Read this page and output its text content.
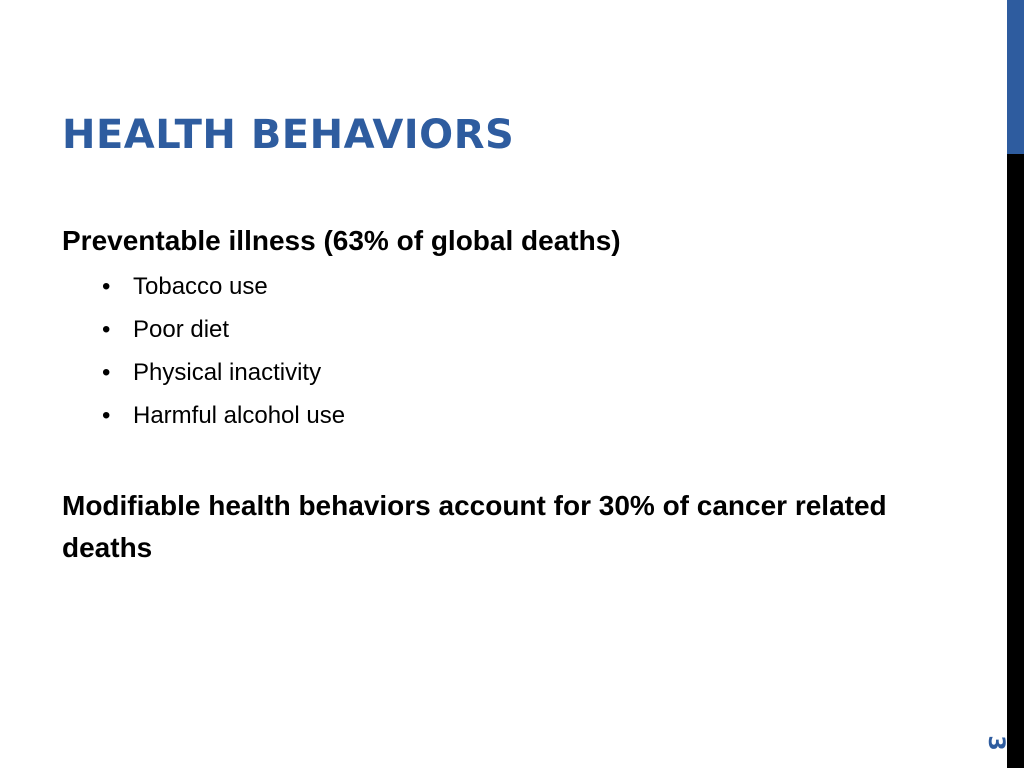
HEALTH BEHAVIORS

Preventable illness (63% of global deaths)

• Tobacco use
• Poor diet
• Physical inactivity
• Harmful alcohol use

Modifiable health behaviors account for 30% of cancer related deaths

3
